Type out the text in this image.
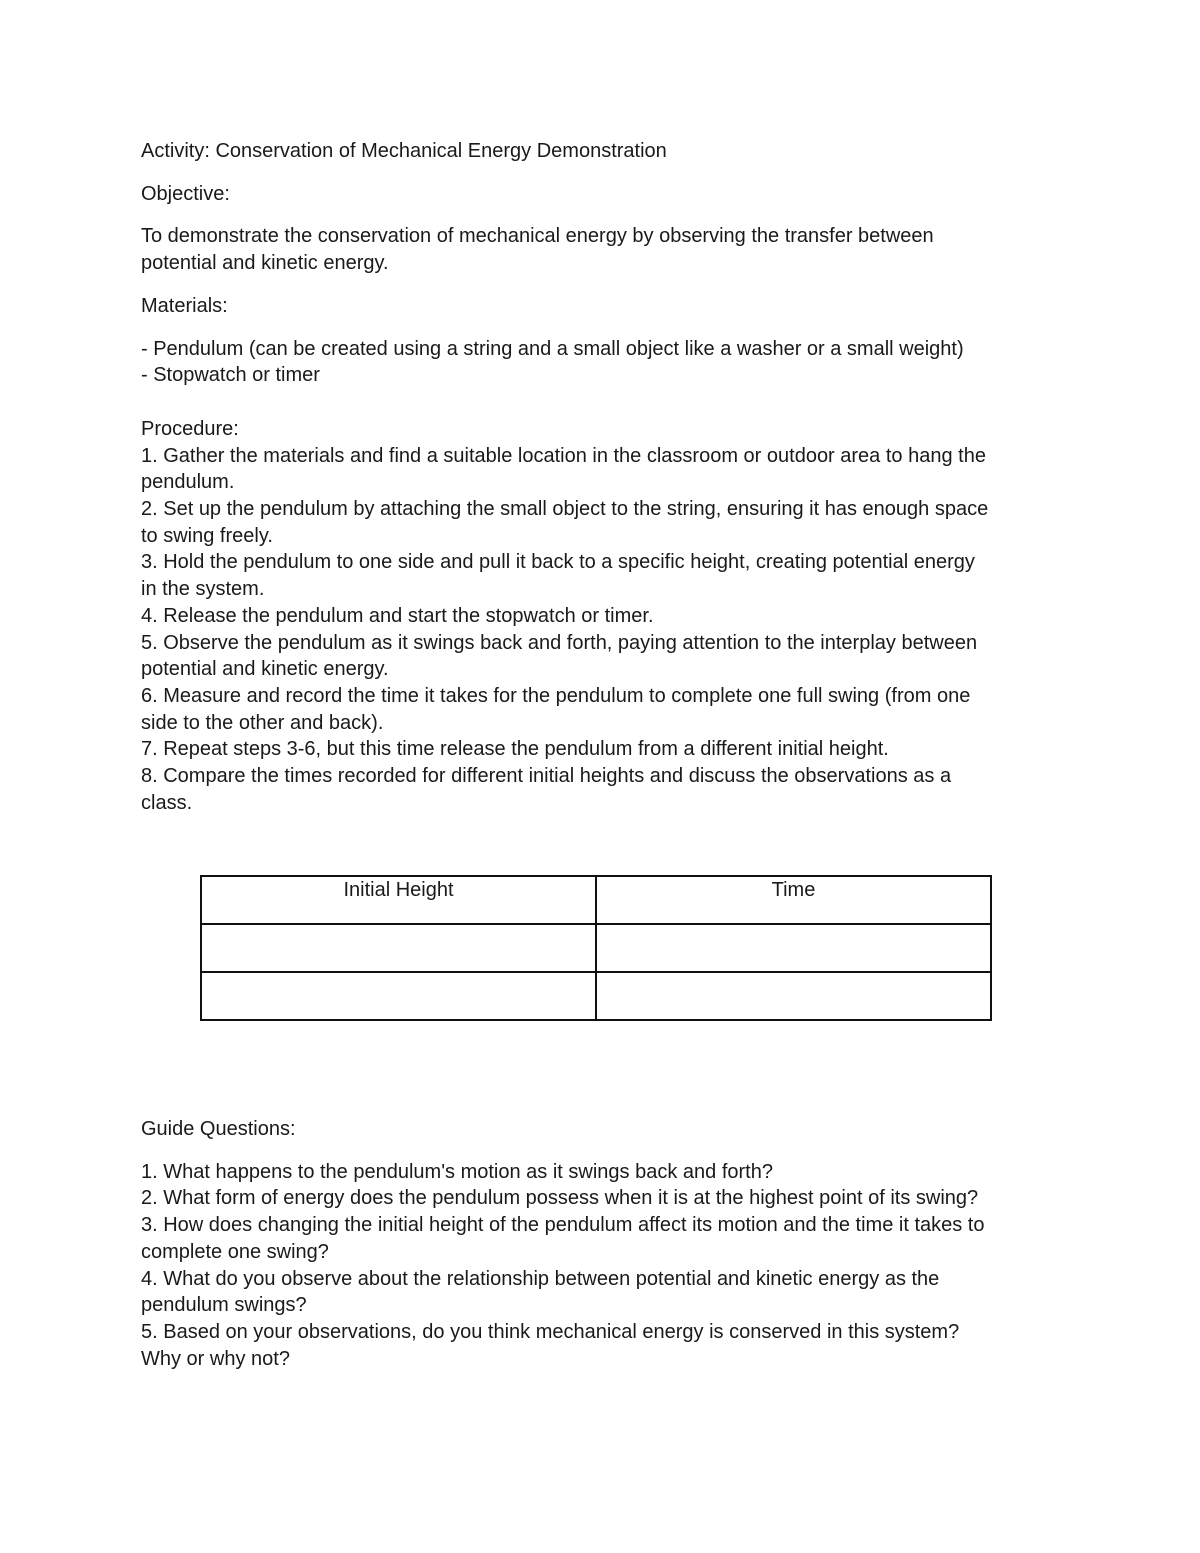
Activity: Conservation of Mechanical Energy Demonstration

Objective:

To demonstrate the conservation of mechanical energy by observing the transfer between

potential and kinetic energy.

Materials:

- Pendulum (can be created using a string and a small object like a washer or a small weight)

- Stopwatch or timer

Procedure:

1. Gather the materials and find a suitable location in the classroom or outdoor area to hang the

pendulum.

2. Set up the pendulum by attaching the small object to the string, ensuring it has enough space

to swing freely.

3. Hold the pendulum to one side and pull it back to a specific height, creating potential energy

in the system.

4. Release the pendulum and start the stopwatch or timer.

5. Observe the pendulum as it swings back and forth, paying attention to the interplay between

potential and kinetic energy.

6. Measure and record the time it takes for the pendulum to complete one full swing (from one

side to the other and back).

7. Repeat steps 3-6, but this time release the pendulum from a different initial height.

8. Compare the times recorded for different initial heights and discuss the observations as a

class.

Initial Height	Time

Guide Questions:

1. What happens to the pendulum's motion as it swings back and forth?

2. What form of energy does the pendulum possess when it is at the highest point of its swing?

3. How does changing the initial height of the pendulum affect its motion and the time it takes to

complete one swing?

4. What do you observe about the relationship between potential and kinetic energy as the

pendulum swings?

5. Based on your observations, do you think mechanical energy is conserved in this system?

Why or why not?
